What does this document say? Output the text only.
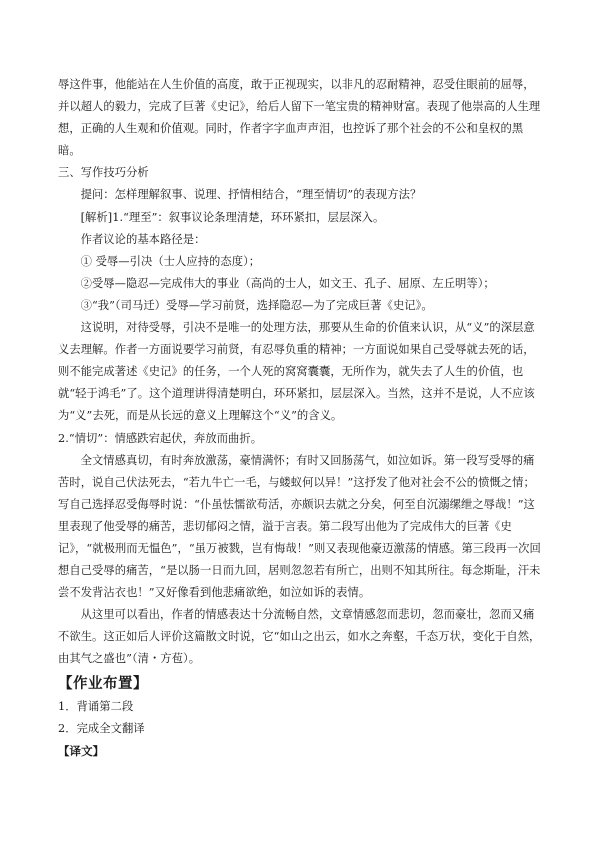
辱这件事，他能站在人生价值的高度，敢于正视现实，以非凡的忍耐精神，忍受住眼前的屈辱，并以超人的毅力，完成了巨著《史记》，给后人留下一笔宝贵的精神财富。表现了他崇高的人生理想，正确的人生观和价值观。同时，作者字字血声声泪，也控诉了那个社会的不公和皇权的黑暗。

三、写作技巧分析

提问：怎样理解叙事、说理、抒情相结合，“理至情切”的表现方法？

[解析]1.“理至”：叙事议论条理清楚，环环紧扣，层层深入。

作者议论的基本路径是：

① 受辱—引决（士人应持的态度）；

②受辱—隐忍—完成伟大的事业（高尚的士人，如文王、孔子、屈原、左丘明等）；

③“我”（司马迁）受辱—学习前贤，选择隐忍—为了完成巨著《史记》。

这说明，对待受辱，引决不是唯一的处理方法，那要从生命的价值来认识，从“义”的深层意义去理解。作者一方面说要学习前贤，有忍辱负重的精神；一方面说如果自己受辱就去死的话，则不能完成著述《史记》的任务，一个人死的窝窝囊囊，无所作为，就失去了人生的价值，也就“轻于鸿毛”了。这个道理讲得清楚明白，环环紧扣，层层深入。当然，这并不是说，人不应该为“义”去死，而是从长远的意义上理解这个“义”的含义。

2.“情切”：情感跌宕起伏，奔放而曲折。

全文情感真切，有时奔放激荡，豪情满怀；有时又回肠荡气，如泣如诉。第一段写受辱的痛苦时，说自己伏法死去，“若九牛亡一毛，与蝼蚁何以异！”这抒发了他对社会不公的愤慨之情；写自己选择忍受侮辱时说：“仆虽怯懦欲苟活，亦颇识去就之分矣，何至自沉溺缧绁之辱哉！”这里表现了他受辱的痛苦，悲切郁闷之情，溢于言表。第二段写出他为了完成伟大的巨著《史记》，“就极刑而无愠色”，“虽万被戮，岂有悔哉！”则又表现他豪迈激荡的情感。第三段再一次回想自己受辱的痛苦，“是以肠一日而九回，居则忽忽若有所亡，出则不知其所往。每念斯耻，汗未尝不发背沾衣也！”又好像看到他悲痛欲绝，如泣如诉的表情。

从这里可以看出，作者的情感表达十分流畅自然，文章情感忽而悲切，忽而豪壮，忽而又痛不欲生。这正如后人评价这篇散文时说，它“如山之出云，如水之奔壑，千态万状，变化于自然，由其气之盛也”（清・方苞）。

【作业布置】

1．背诵第二段

2．完成全文翻译

【译文】
